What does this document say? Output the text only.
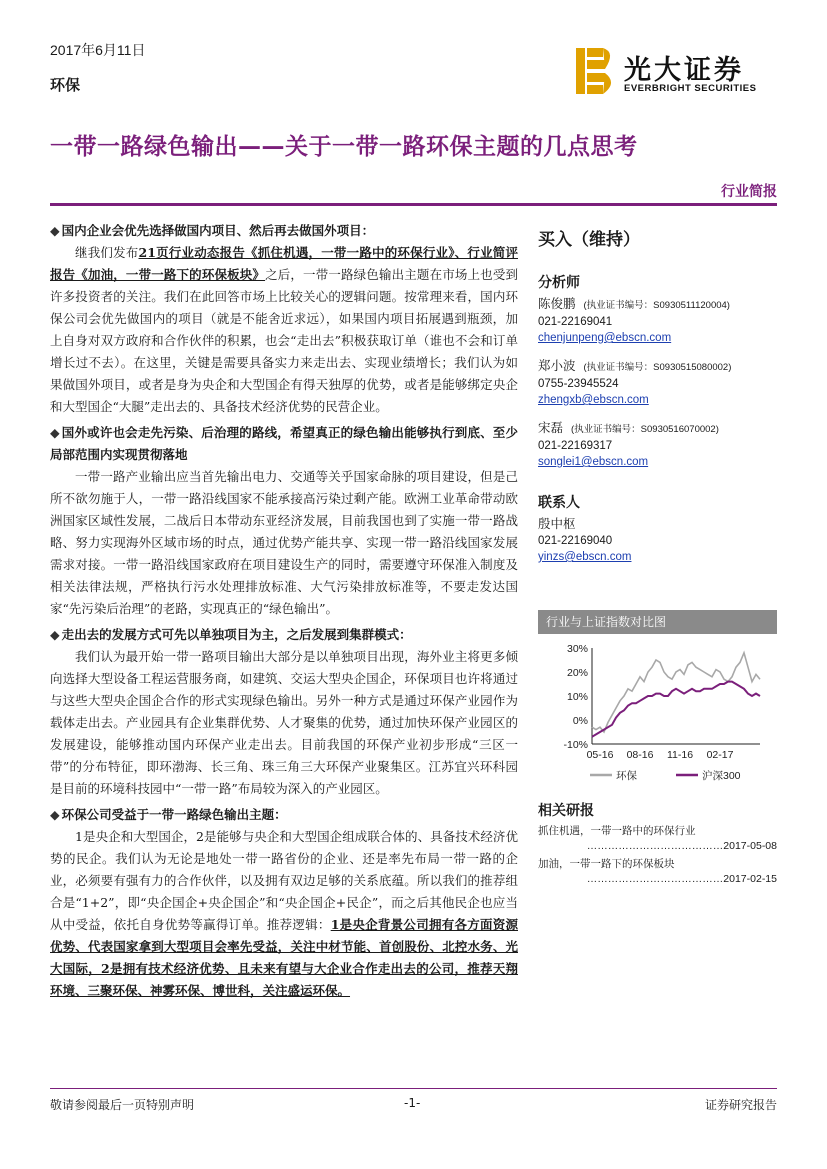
2017年6月11日
环保	光大证券
EVERBRIGHT SECURITIES
一带一路绿色输出——关于一带一路环保主题的几点思考
行业简报

◆ 国内企业会优先选择做国内项目、然后再去做国外项目：

继我们发布21页行业动态报告《抓住机遇，一带一路中的环保行业》、行业简评报告《加油，一带一路下的环保板块》之后，一带一路绿色输出主题在市场上也受到许多投资者的关注。我们在此回答市场上比较关心的逻辑问题。按常理来看，国内环保公司会优先做国内的项目（就是不能舍近求远），如果国内项目拓展遇到瓶颈，加上自身对双方政府和合作伙伴的积累，也会“走出去”积极获取订单（谁也不会和订单增长过不去）。在这里，关键是需要具备实力来走出去、实现业绩增长；我们认为如果做国外项目，或者是身为央企和大型国企有得天独厚的优势，或者是能够绑定央企和大型国企“大腿”走出去的、具备技术经济优势的民营企业。

◆ 国外或许也会走先污染、后治理的路线，希望真正的绿色输出能够执行到底、至少局部范围内实现贯彻落地

一带一路产业输出应当首先输出电力、交通等关乎国家命脉的项目建设，但是己所不欲勿施于人，一带一路沿线国家不能承接高污染过剩产能。欧洲工业革命带动欧洲国家区域性发展，二战后日本带动东亚经济发展，目前我国也到了实施一带一路战略、努力实现海外区域市场的时点，通过优势产能共享、实现一带一路沿线国家发展需求对接。一带一路沿线国家政府在项目建设生产的同时，需要遵守环保准入制度及相关法律法规，严格执行污水处理排放标准、大气污染排放标准等，不要走发达国家“先污染后治理”的老路，实现真正的“绿色输出”。

◆ 走出去的发展方式可先以单独项目为主，之后发展到集群模式：

我们认为最开始一带一路项目输出大部分是以单独项目出现，海外业主将更多倾向选择大型设备工程运营服务商，如建筑、交运大型央企国企，环保项目也许将通过与这些大型央企国企合作的形式实现绿色输出。另外一种方式是通过环保产业园作为载体走出去。产业园具有企业集群优势、人才聚集的优势，通过加快环保产业园区的发展建设，能够推动国内环保产业走出去。目前我国的环保产业初步形成“三区一带”的分布特征，即环渤海、长三角、珠三角三大环保产业聚集区。江苏宜兴环科园是目前的环境科技园中“一带一路”布局较为深入的产业园区。

◆ 环保公司受益于一带一路绿色输出主题：

1是央企和大型国企，2是能够与央企和大型国企组成联合体的、具备技术经济优势的民企。我们认为无论是地处一带一路省份的企业、还是率先布局一带一路的企业，必须要有强有力的合作伙伴，以及拥有双边足够的关系底蕴。所以我们的推荐组合是“1+2”，即“央企国企+央企国企”和“央企国企+民企”，而之后其他民企也应当从中受益，依托自身优势等赢得订单。推荐逻辑：1是央企背景公司拥有各方面资源优势、代表国家拿到大型项目会率先受益，关注中材节能、首创股份、北控水务、光大国际，2是拥有技术经济优势、且未来有望与大企业合作走出去的公司，推荐天翔环境、三聚环保、神雾环保、博世科，关注盛运环保。

买入（维持）
分析师
陈俊鹏 (执业证书编号：S0930511120004)
021-22169041
chenjunpeng@ebscn.com
郑小波 (执业证书编号：S0930515080002)
0755-23945524
zhengxb@ebscn.com
宋磊 (执业证书编号：S0930516070002)
021-22169317
songlei1@ebscn.com
联系人
殷中枢
021-22169040
yinzs@ebscn.com
行业与上证指数对比图
30%
20%
10%
0%
-10%
05-16 08-16 11-16 02-17
环保	沪深300
相关研报
抓住机遇，一带一路中的环保行业
…………………………………2017-05-08
加油，一带一路下的环保板块
…………………………………2017-02-15
敬请参阅最后一页特别声明	-1-	证券研究报告
